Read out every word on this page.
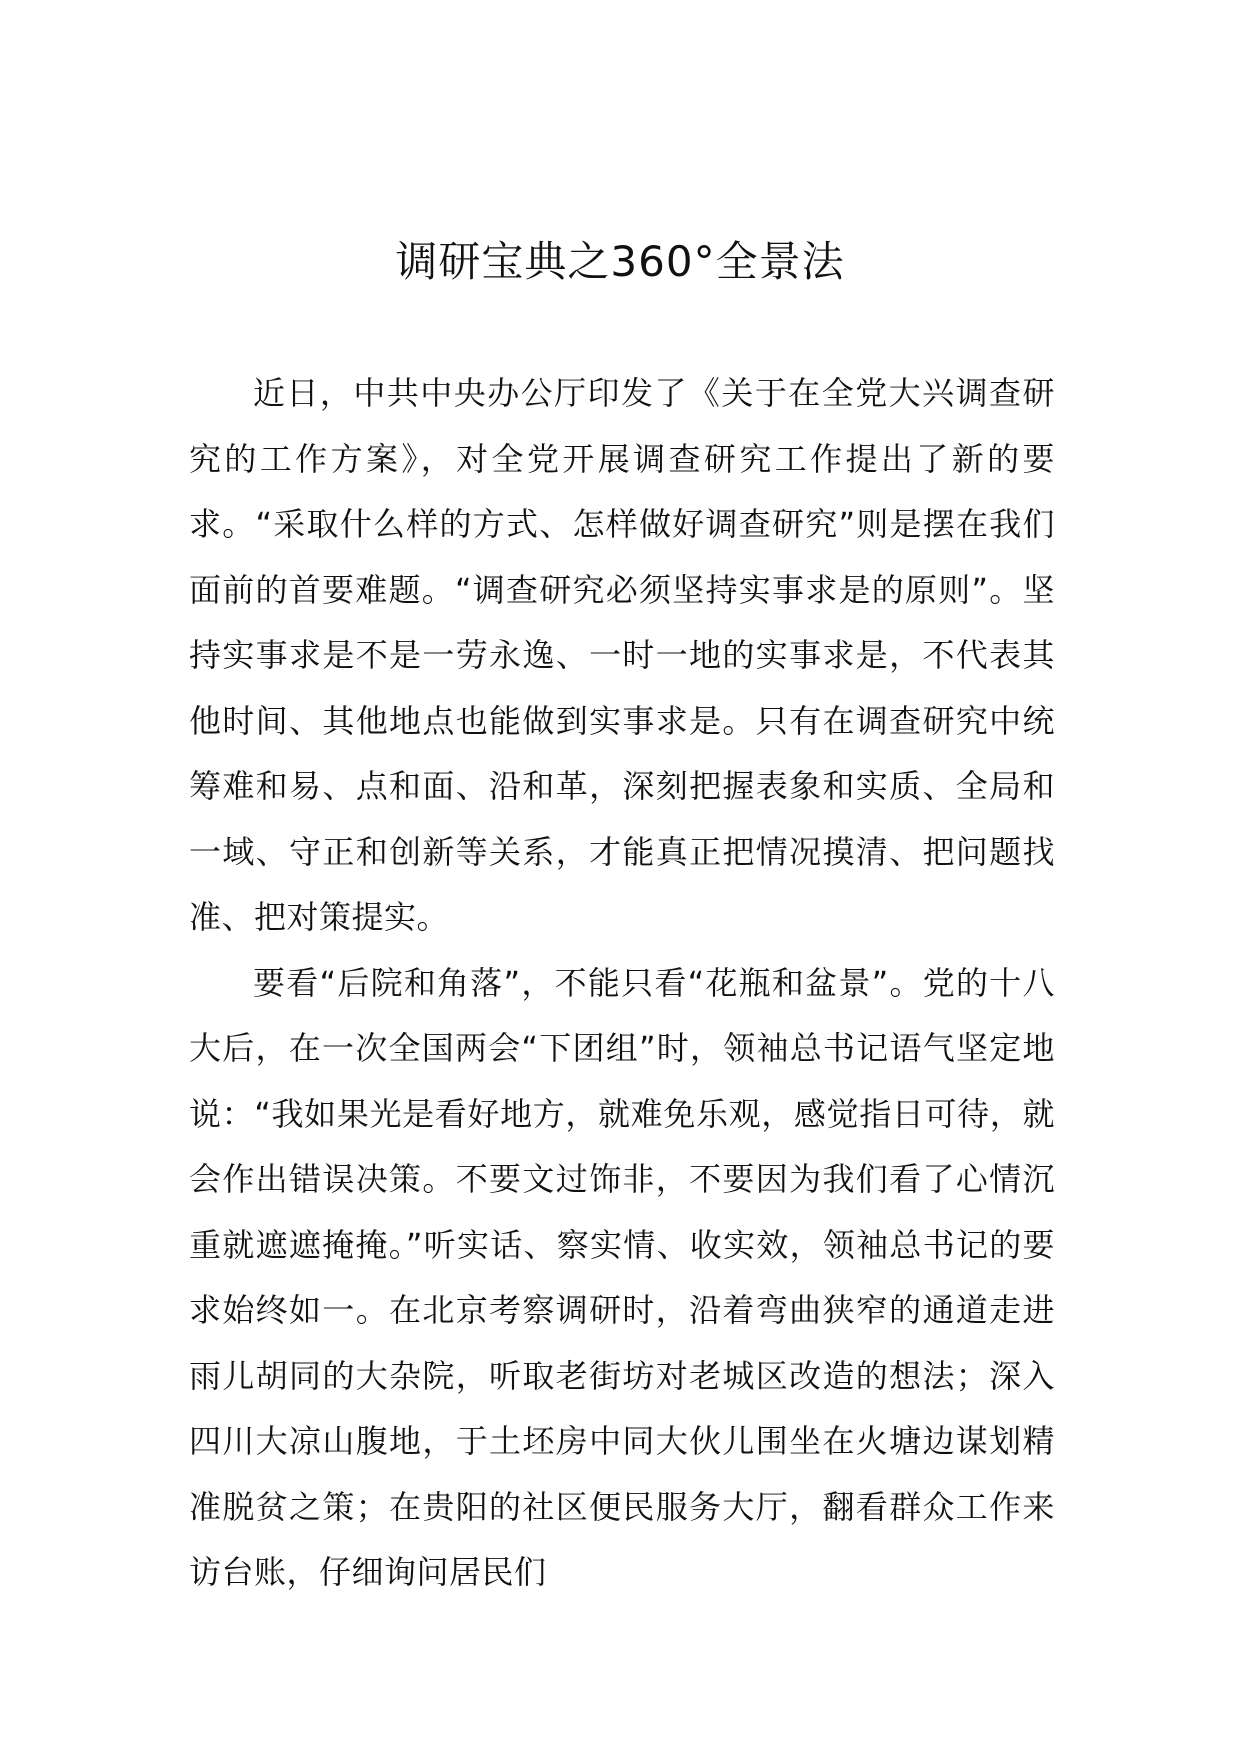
调研宝典之360°全景法

近日，中共中央办公厅印发了《关于在全党大兴调查研究的工作方案》，对全党开展调查研究工作提出了新的要求。“采取什么样的方式、怎样做好调查研究”则是摆在我们面前的首要难题。“调查研究必须坚持实事求是的原则”。坚持实事求是不是一劳永逸、一时一地的实事求是，不代表其他时间、其他地点也能做到实事求是。只有在调查研究中统筹难和易、点和面、沿和革，深刻把握表象和实质、全局和一域、守正和创新等关系，才能真正把情况摸清、把问题找准、把对策提实。

要看“后院和角落”，不能只看“花瓶和盆景”。党的十八大后，在一次全国两会“下团组”时，领袖总书记语气坚定地说：“我如果光是看好地方，就难免乐观，感觉指日可待，就会作出错误决策。不要文过饰非，不要因为我们看了心情沉重就遮遮掩掩。”听实话、察实情、收实效，领袖总书记的要求始终如一。在北京考察调研时，沿着弯曲狭窄的通道走进雨儿胡同的大杂院，听取老街坊对老城区改造的想法；深入四川大凉山腹地，于土坯房中同大伙儿围坐在火塘边谋划精准脱贫之策；在贵阳的社区便民服务大厅，翻看群众工作来访台账，仔细询问居民们
